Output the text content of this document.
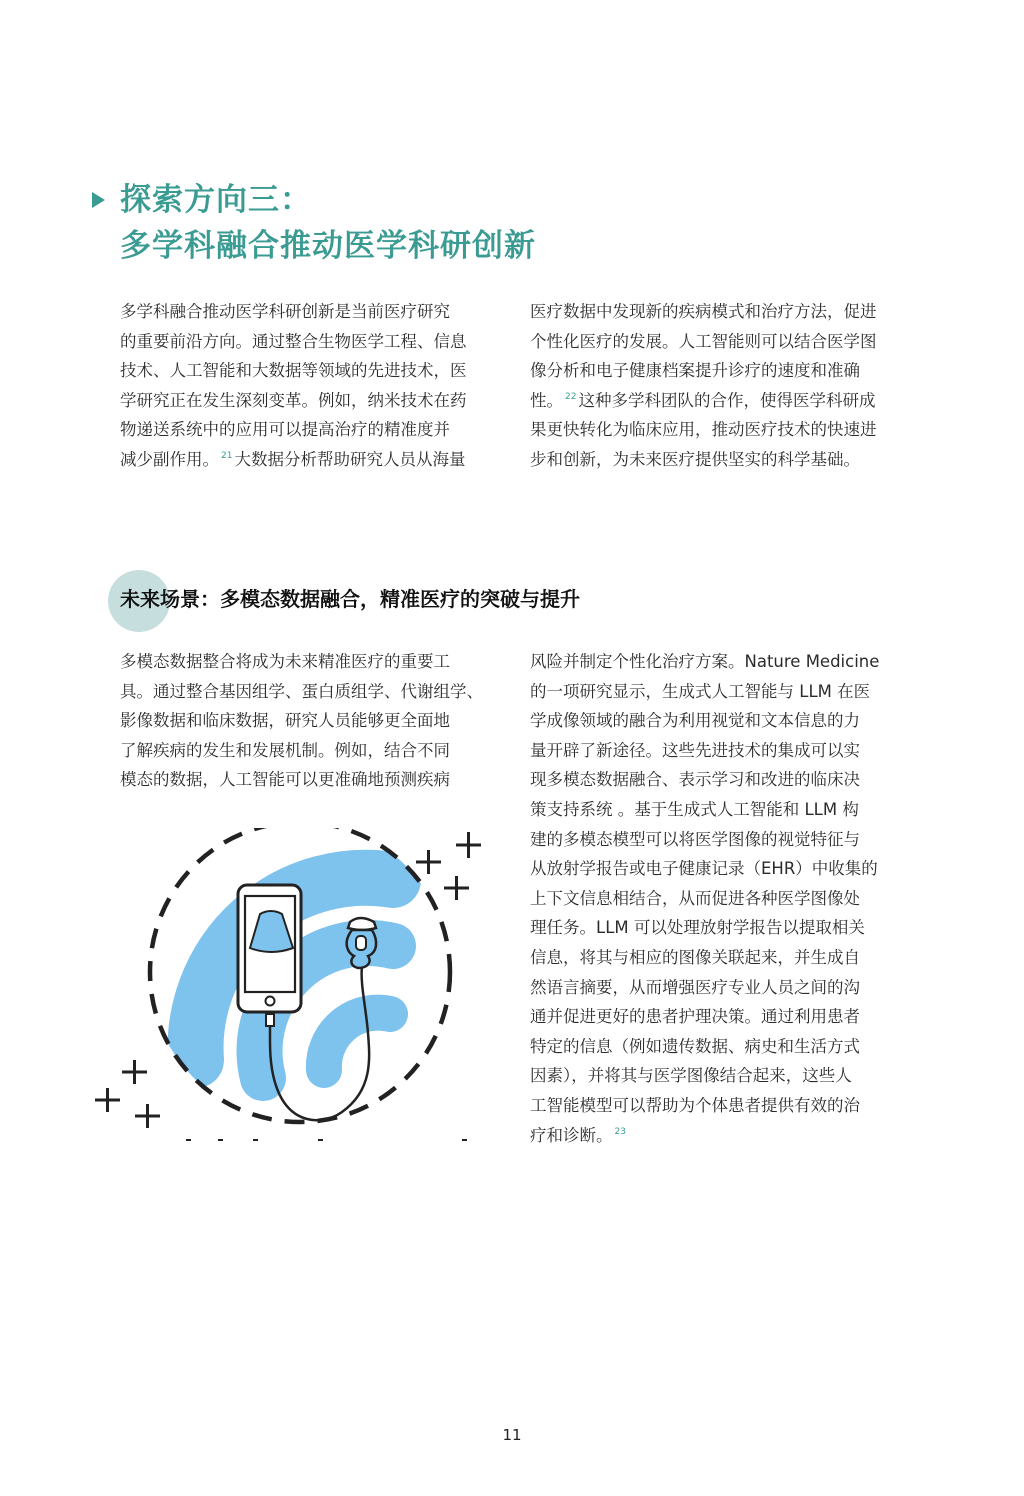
探索方向三：
多学科融合推动医学科研创新
多学科融合推动医学科研创新是当前医疗研究
的重要前沿方向。通过整合生物医学工程、信息
技术、人工智能和大数据等领域的先进技术，医
学研究正在发生深刻变革。例如，纳米技术在药
物递送系统中的应用可以提高治疗的精准度并
减少副作用。 $^{21}$ 大数据分析帮助研究人员从海量
医疗数据中发现新的疾病模式和治疗方法，促进
个性化医疗的发展。人工智能则可以结合医学图
像分析和电子健康档案提升诊疗的速度和准确
性。 $^{22}$ 这种多学科团队的合作，使得医学科研成
果更快转化为临床应用，推动医疗技术的快速进
步和创新，为未来医疗提供坚实的科学基础。
未来场景：多模态数据融合，精准医疗的突破与提升
多模态数据整合将成为未来精准医疗的重要工
具。通过整合基因组学、蛋白质组学、代谢组学、
影像数据和临床数据，研究人员能够更全面地
了解疾病的发生和发展机制。例如，结合不同
模态的数据，人工智能可以更准确地预测疾病
风险并制定个性化治疗方案。Nature Medicine
的一项研究显示，生成式人工智能与 LLM 在医
学成像领域的融合为利用视觉和文本信息的力
量开辟了新途径。这些先进技术的集成可以实
现多模态数据融合、表示学习和改进的临床决
策支持系统 。基于生成式人工智能和 LLM 构
建的多模态模型可以将医学图像的视觉特征与
从放射学报告或电子健康记录（EHR）中收集的
上下文信息相结合，从而促进各种医学图像处
理任务。LLM 可以处理放射学报告以提取相关
信息，将其与相应的图像关联起来，并生成自
然语言摘要，从而增强医疗专业人员之间的沟
通并促进更好的患者护理决策。通过利用患者
特定的信息（例如遗传数据、病史和生活方式
因素），并将其与医学图像结合起来，这些人
工智能模型可以帮助为个体患者提供有效的治
疗和诊断。 $^{23}$
11
